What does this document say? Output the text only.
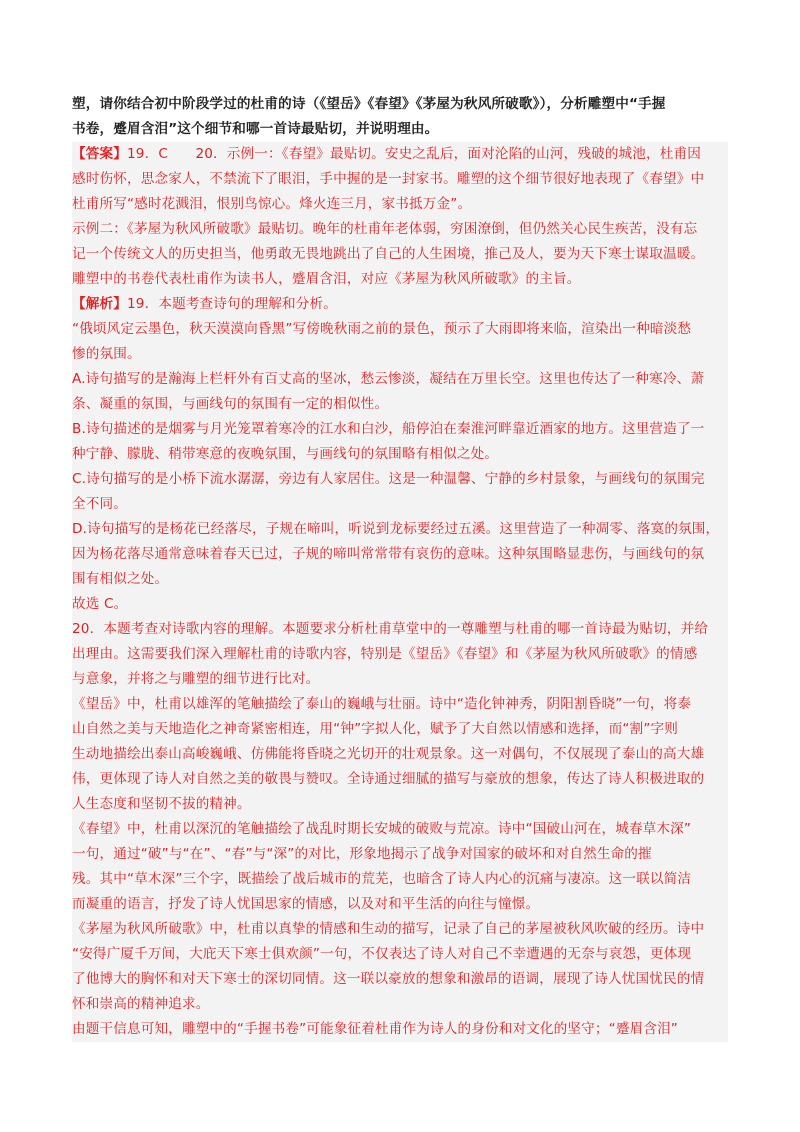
塑，请你结合初中阶段学过的杜甫的诗（《望岳》《春望》《茅屋为秋风所破歌》），分析雕塑中“手握

书卷，蹙眉含泪”这个细节和哪一首诗最贴切，并说明理由。

【答案】19．C　　20．示例一：《春望》最贴切。安史之乱后，面对沦陷的山河，残破的城池，杜甫因

感时伤怀，思念家人，不禁流下了眼泪，手中握的是一封家书。雕塑的这个细节很好地表现了《春望》中

杜甫所写“感时花溅泪，恨别鸟惊心。烽火连三月，家书抵万金”。

示例二：《茅屋为秋风所破歌》最贴切。晚年的杜甫年老体弱，穷困潦倒，但仍然关心民生疾苦，没有忘

记一个传统文人的历史担当，他勇敢无畏地跳出了自己的人生困境，推己及人，要为天下寒士谋取温暖。

雕塑中的书卷代表杜甫作为读书人，蹙眉含泪，对应《茅屋为秋风所破歌》的主旨。

【解析】19．本题考查诗句的理解和分析。

“俄顷风定云墨色，秋天漠漠向昏黑”写傍晚秋雨之前的景色，预示了大雨即将来临，渲染出一种暗淡愁

惨的氛围。

A.诗句描写的是瀚海上栏杆外有百丈高的坚冰，愁云惨淡，凝结在万里长空。这里也传达了一种寒冷、萧

条、凝重的氛围，与画线句的氛围有一定的相似性。

B.诗句描述的是烟雾与月光笼罩着寒冷的江水和白沙，船停泊在秦淮河畔靠近酒家的地方。这里营造了一

种宁静、朦胧、稍带寒意的夜晚氛围，与画线句的氛围略有相似之处。

C.诗句描写的是小桥下流水潺潺，旁边有人家居住。这是一种温馨、宁静的乡村景象，与画线句的氛围完

全不同。

D.诗句描写的是杨花已经落尽，子规在啼叫，听说到龙标要经过五溪。这里营造了一种凋零、落寞的氛围，

因为杨花落尽通常意味着春天已过，子规的啼叫常常带有哀伤的意味。这种氛围略显悲伤，与画线句的氛

围有相似之处。

故选 C。

20．本题考查对诗歌内容的理解。本题要求分析杜甫草堂中的一尊雕塑与杜甫的哪一首诗最为贴切，并给

出理由。这需要我们深入理解杜甫的诗歌内容，特别是《望岳》《春望》和《茅屋为秋风所破歌》的情感

与意象，并将之与雕塑的细节进行比对。

《望岳》中，杜甫以雄浑的笔触描绘了泰山的巍峨与壮丽。诗中“造化钟神秀，阴阳割昏晓”一句，将泰

山自然之美与天地造化之神奇紧密相连，用“钟”字拟人化，赋予了大自然以情感和选择，而“割”字则

生动地描绘出泰山高峻巍峨、仿佛能将昏晓之光切开的壮观景象。这一对偶句，不仅展现了泰山的高大雄

伟，更体现了诗人对自然之美的敬畏与赞叹。全诗通过细腻的描写与豪放的想象，传达了诗人积极进取的

人生态度和坚韧不拔的精神。

《春望》中，杜甫以深沉的笔触描绘了战乱时期长安城的破败与荒凉。诗中“国破山河在，城春草木深”

一句，通过“破”与“在”、“春”与“深”的对比，形象地揭示了战争对国家的破坏和对自然生命的摧

残。其中“草木深”三个字，既描绘了战后城市的荒芜，也暗含了诗人内心的沉痛与凄凉。这一联以简洁

而凝重的语言，抒发了诗人忧国思家的情感，以及对和平生活的向往与憧憬。

《茅屋为秋风所破歌》中，杜甫以真挚的情感和生动的描写，记录了自己的茅屋被秋风吹破的经历。诗中

“安得广厦千万间，大庇天下寒士俱欢颜”一句，不仅表达了诗人对自己不幸遭遇的无奈与哀怨，更体现

了他博大的胸怀和对天下寒士的深切同情。这一联以豪放的想象和激昂的语调，展现了诗人忧国忧民的情

怀和崇高的精神追求。

由题干信息可知，雕塑中的“手握书卷”可能象征着杜甫作为诗人的身份和对文化的坚守；“蹙眉含泪”
